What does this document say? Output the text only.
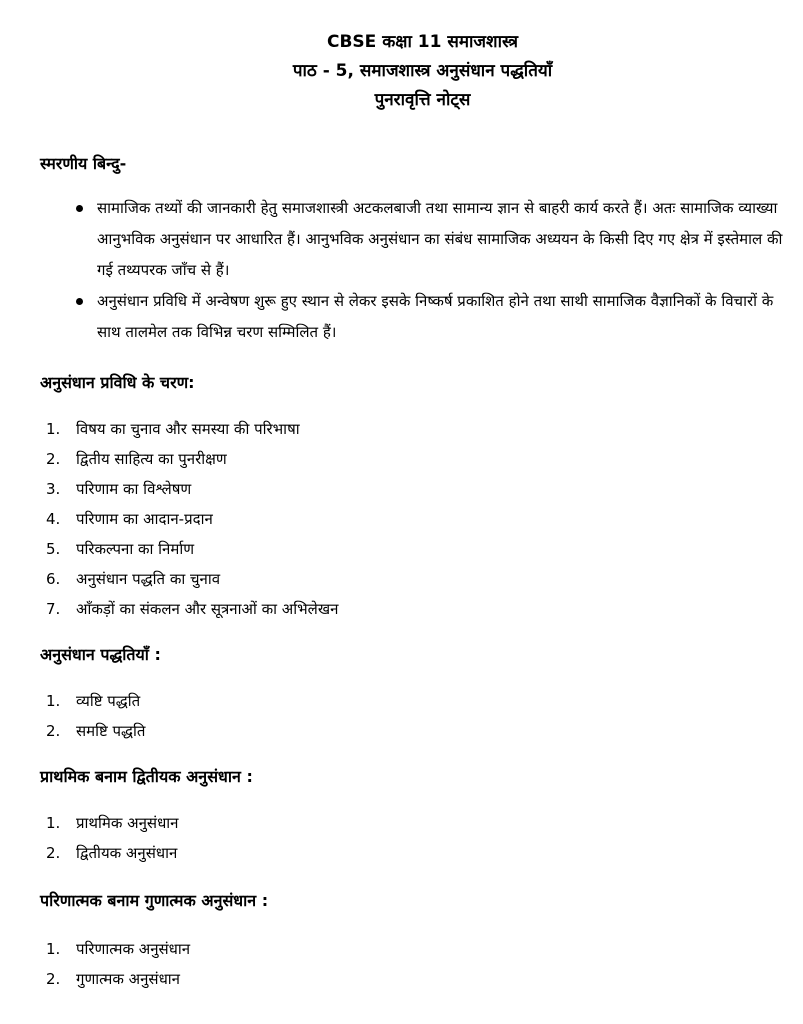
CBSE कक्षा 11 समाजशास्त्र
पाठ - 5, समाजशास्त्र अनुसंधान पद्धतियाँ
पुनरावृत्ति नोट्स
स्मरणीय बिन्दु-
सामाजिक तथ्यों की जानकारी हेतु समाजशास्त्री अटकलबाजी तथा सामान्य ज्ञान से बाहरी कार्य करते हैं। अतः सामाजिक व्याख्या आनुभविक अनुसंधान पर आधारित हैं। आनुभविक अनुसंधान का संबंध सामाजिक अध्ययन के किसी दिए गए क्षेत्र में इस्तेमाल की गई तथ्यपरक जाँच से हैं।
अनुसंधान प्रविधि में अन्वेषण शुरू हुए स्थान से लेकर इसके निष्कर्ष प्रकाशित होने तथा साथी सामाजिक वैज्ञानिकों के विचारों के साथ तालमेल तक विभिन्न चरण सम्मिलित हैं।
अनुसंधान प्रविधि के चरण:
1.	विषय का चुनाव और समस्या की परिभाषा
2.	द्वितीय साहित्य का पुनरीक्षण
3.	परिणाम का विश्लेषण
4.	परिणाम का आदान-प्रदान
5.	परिकल्पना का निर्माण
6.	अनुसंधान पद्धति का चुनाव
7.	आँकड़ों का संकलन और सूत्रनाओं का अभिलेखन
अनुसंधान पद्धतियाँ :
1.	व्यष्टि पद्धति
2.	समष्टि पद्धति
प्राथमिक बनाम द्वितीयक अनुसंधान :
1.	प्राथमिक अनुसंधान
2.	द्वितीयक अनुसंधान
परिणात्मक बनाम गुणात्मक अनुसंधान :
1.	परिणात्मक अनुसंधान
2.	गुणात्मक अनुसंधान
